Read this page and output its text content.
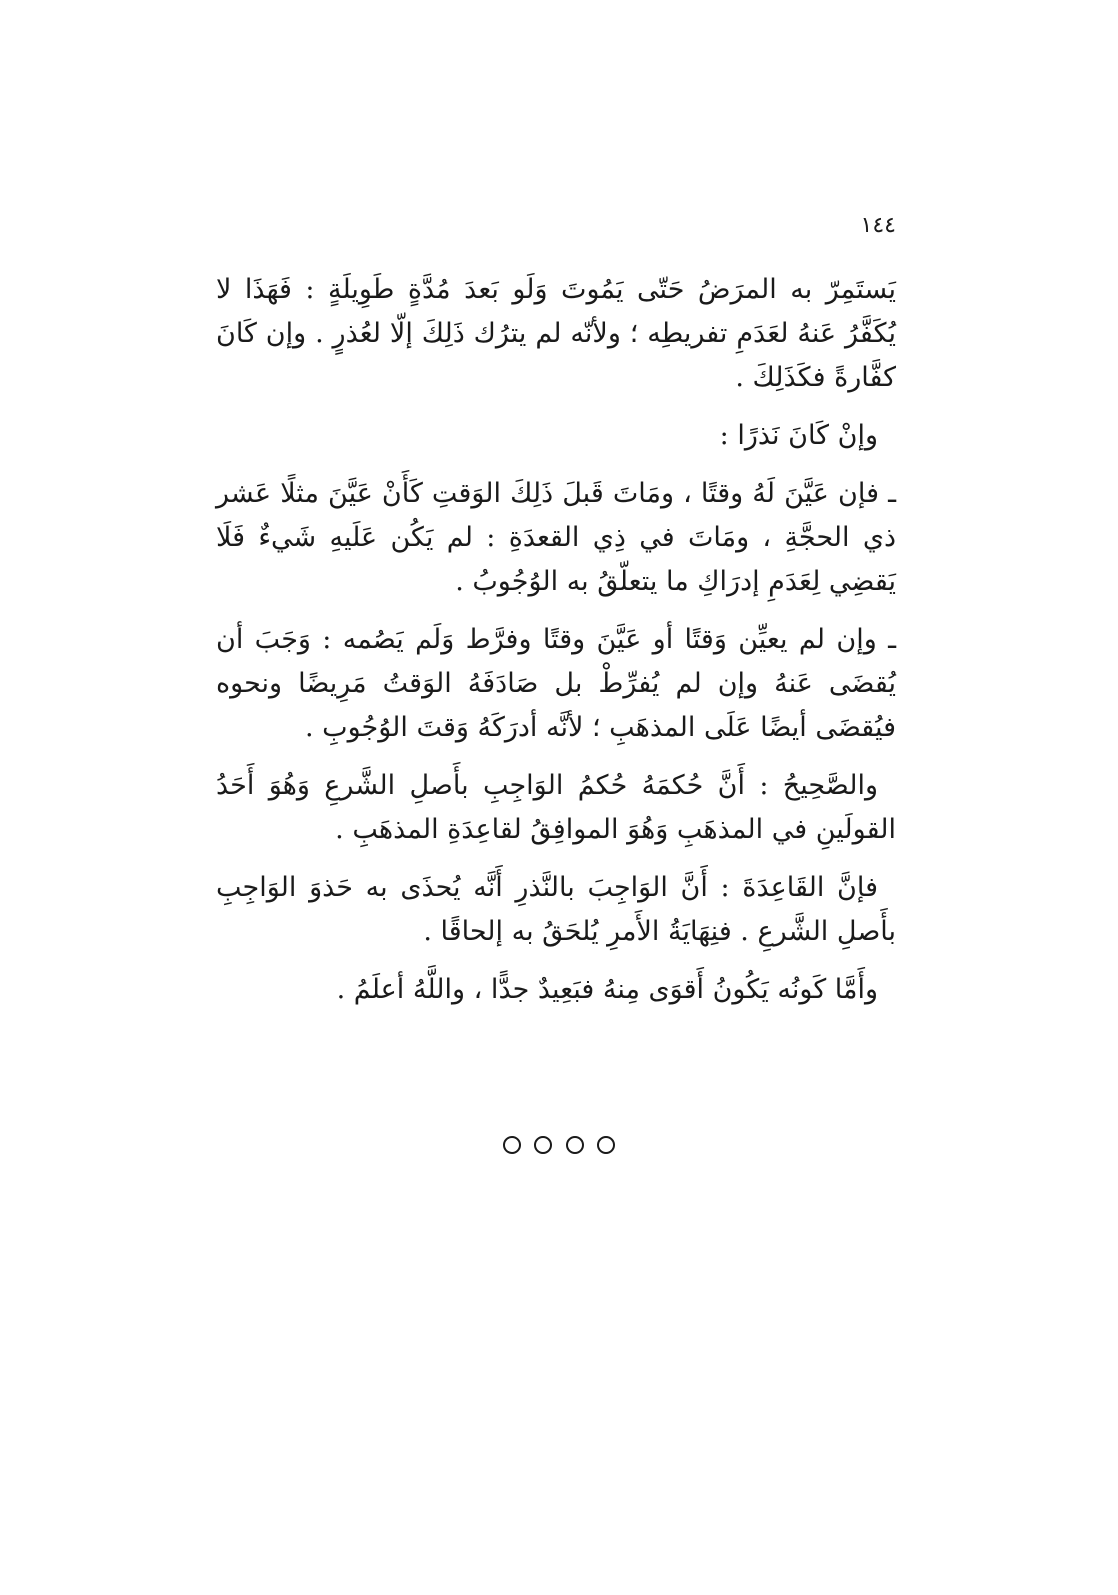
١٤٤

يَستَمِرّ به المرَضُ حَتّى يَمُوتَ وَلَو بَعدَ مُدَّةٍ طَوِيلَةٍ : فَهَذَا لا يُكَفَّرُ عَنهُ لعَدَمِ تفريطِه ؛ ولأنّه لم يترُك ذَلِكَ إلّا لعُذرٍ . وإن كَانَ كفَّارةً فكَذَلِكَ .

وإنْ كَانَ نَذرًا :

ـ فإن عَيَّنَ لَهُ وقتًا ، ومَاتَ قَبلَ ذَلِكَ الوَقتِ كَأَنْ عَيَّنَ مثلًا عَشر ذي الحجَّةِ ، ومَاتَ في ذِي القعدَةِ : لم يَكُن عَلَيهِ شَيءٌ فَلَا يَقضِي لِعَدَمِ إدرَاكِ ما يتعلّقُ به الوُجُوبُ .

ـ وإن لم يعيِّن وَقتًا أو عَيَّنَ وقتًا وفرَّط وَلَم يَصُمه : وَجَبَ أن يُقضَى عَنهُ وإن لم يُفرِّطْ بل صَادَفَهُ الوَقتُ مَرِيضًا ونحوه فيُقضَى أيضًا عَلَى المذهَبِ ؛ لأنَّه أدرَكَهُ وَقتَ الوُجُوبِ .

والصَّحِيحُ : أَنَّ حُكمَهُ حُكمُ الوَاجِبِ بأَصلِ الشَّرعِ وَهُوَ أَحَدُ القولَينِ في المذهَبِ وَهُوَ الموافِقُ لقاعِدَةِ المذهَبِ .

فإنَّ القَاعِدَةَ : أَنَّ الوَاجِبَ بالنَّذرِ أَنَّه يُحذَى به حَذوَ الوَاجِبِ بأَصلِ الشَّرعِ . فنِهَايَةُ الأَمرِ يُلحَقُ به إلحاقًا .

وأَمَّا كَونُه يَكُونُ أَقوَى مِنهُ فبَعِيدٌ جدًّا ، واللَّهُ أعلَمُ .
